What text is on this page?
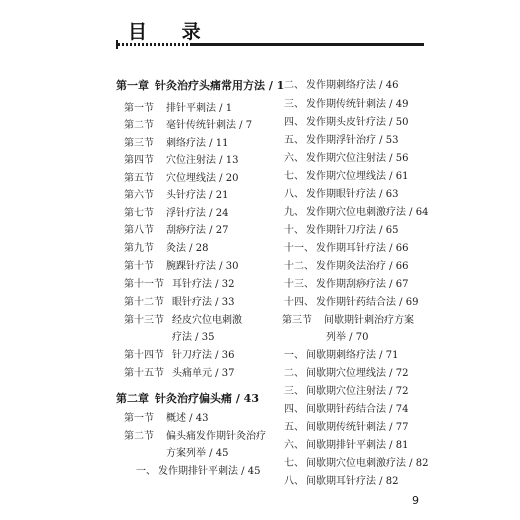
目 录
第一章 针灸治疗头痛常用方法 / 1
第一节 排针平刺法 / 1
第二节 毫针传统针刺法 / 7
第三节 刺络疗法 / 11
第四节 穴位注射法 / 13
第五节 穴位埋线法 / 20
第六节 头针疗法 / 21
第七节 浮针疗法 / 24
第八节 刮痧疗法 / 27
第九节 灸法 / 28
第十节 腕踝针疗法 / 30
第十一节 耳针疗法 / 32
第十二节 眼针疗法 / 33
第十三节 经皮穴位电刺激
疗法 / 35
第十四节 针刀疗法 / 36
第十五节 头痛单元 / 37
第二章 针灸治疗偏头痛 / 43
第一节 概述 / 43
第二节 偏头痛发作期针灸治疗
方案列举 / 45
一、 发作期排针平刺法 / 45
二、 发作期刺络疗法 / 46
三、 发作期传统针刺法 / 49
四、 发作期头皮针疗法 / 50
五、 发作期浮针治疗 / 53
六、 发作期穴位注射法 / 56
七、 发作期穴位埋线法 / 61
八、 发作期眼针疗法 / 63
九、 发作期穴位电刺激疗法 / 64
十、 发作期针刀疗法 / 65
十一、 发作期耳针疗法 / 66
十二、 发作期灸法治疗 / 66
十三、 发作期刮痧疗法 / 67
十四、 发作期针药结合法 / 69
第三节 间歇期针刺治疗方案
列举 / 70
一、 间歇期刺络疗法 / 71
二、 间歇期穴位埋线法 / 72
三、 间歇期穴位注射法 / 72
四、 间歇期针药结合法 / 74
五、 间歇期传统针刺法 / 77
六、 间歇期排针平刺法 / 81
七、 间歇期穴位电刺激疗法 / 82
八、 间歇期耳针疗法 / 82
9
